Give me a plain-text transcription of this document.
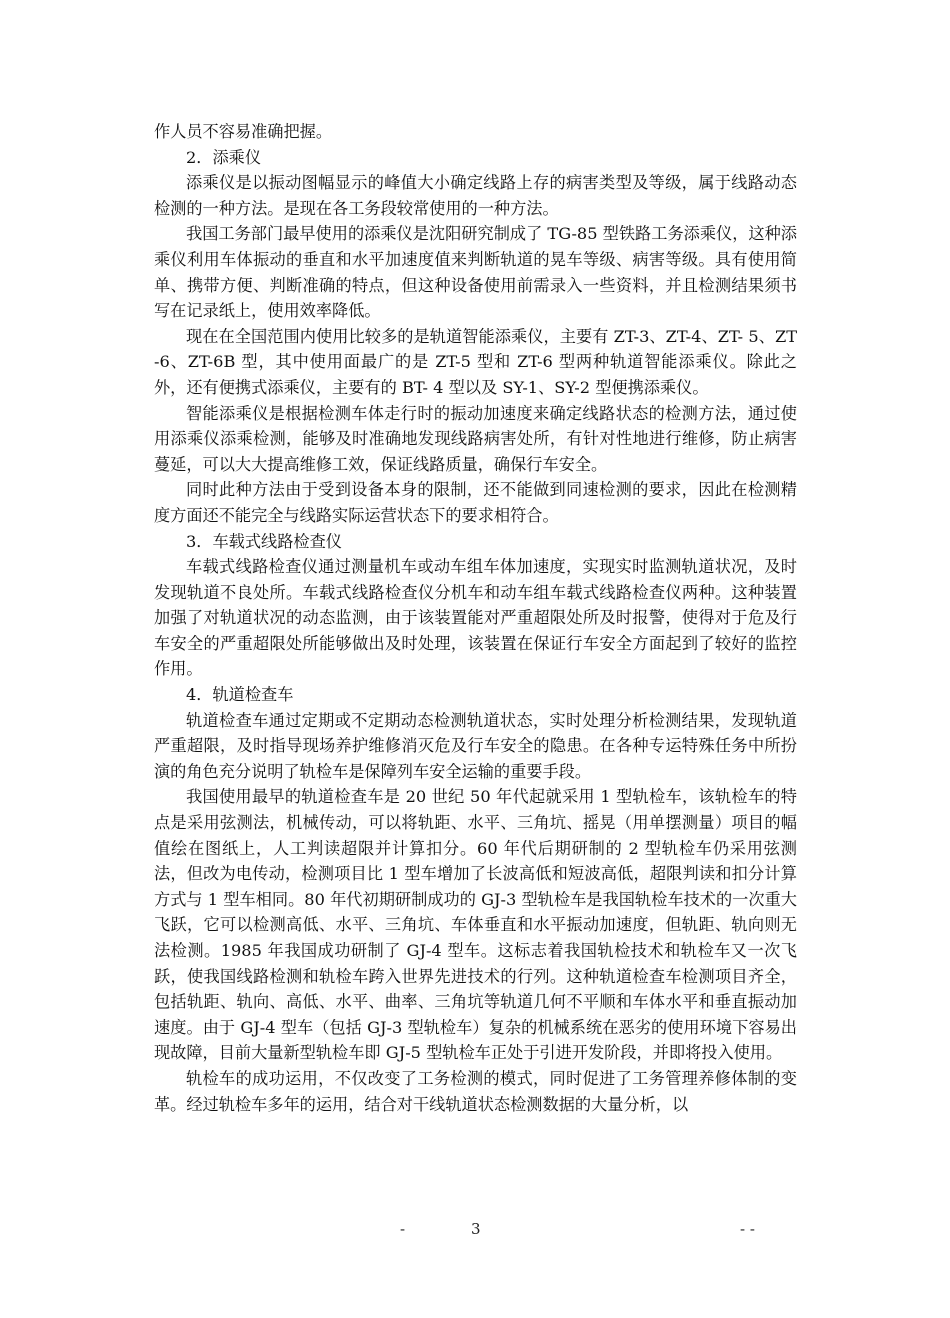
作人员不容易准确把握。

2．添乘仪

添乘仪是以振动图幅显示的峰值大小确定线路上存的病害类型及等级，属于线路动态检测的一种方法。是现在各工务段较常使用的一种方法。

我国工务部门最早使用的添乘仪是沈阳研究制成了 TG-85 型铁路工务添乘仪，这种添乘仪利用车体振动的垂直和水平加速度值来判断轨道的晃车等级、病害等级。具有使用简单、携带方便、判断准确的特点，但这种设备使用前需录入一些资料，并且检测结果须书写在记录纸上，使用效率降低。

现在在全国范围内使用比较多的是轨道智能添乘仪，主要有 ZT-3、ZT-4、ZT- 5、ZT-6、ZT-6B 型，其中使用面最广的是 ZT-5 型和 ZT-6 型两种轨道智能添乘仪。除此之外，还有便携式添乘仪，主要有的 BT- 4 型以及 SY-1、SY-2 型便携添乘仪。

智能添乘仪是根据检测车体走行时的振动加速度来确定线路状态的检测方法，通过使用添乘仪添乘检测，能够及时准确地发现线路病害处所，有针对性地进行维修，防止病害蔓延，可以大大提高维修工效，保证线路质量，确保行车安全。

同时此种方法由于受到设备本身的限制，还不能做到同速检测的要求，因此在检测精度方面还不能完全与线路实际运营状态下的要求相符合。

3．车载式线路检查仪

车载式线路检查仪通过测量机车或动车组车体加速度，实现实时监测轨道状况，及时发现轨道不良处所。车载式线路检查仪分机车和动车组车载式线路检查仪两种。这种装置加强了对轨道状况的动态监测，由于该装置能对严重超限处所及时报警，使得对于危及行车安全的严重超限处所能够做出及时处理，该装置在保证行车安全方面起到了较好的监控作用。

4．轨道检查车

轨道检查车通过定期或不定期动态检测轨道状态，实时处理分析检测结果，发现轨道严重超限，及时指导现场养护维修消灭危及行车安全的隐患。在各种专运特殊任务中所扮演的角色充分说明了轨检车是保障列车安全运输的重要手段。

我国使用最早的轨道检查车是 20 世纪 50 年代起就采用 1 型轨检车，该轨检车的特点是采用弦测法，机械传动，可以将轨距、水平、三角坑、摇晃（用单摆测量）项目的幅值绘在图纸上，人工判读超限并计算扣分。60 年代后期研制的 2 型轨检车仍采用弦测法，但改为电传动，检测项目比 1 型车增加了长波高低和短波高低，超限判读和扣分计算方式与 1 型车相同。80 年代初期研制成功的 GJ-3 型轨检车是我国轨检车技术的一次重大飞跃，它可以检测高低、水平、三角坑、车体垂直和水平振动加速度，但轨距、轨向则无法检测。1985 年我国成功研制了 GJ-4 型车。这标志着我国轨检技术和轨检车又一次飞跃，使我国线路检测和轨检车跨入世界先进技术的行列。这种轨道检查车检测项目齐全，包括轨距、轨向、高低、水平、曲率、三角坑等轨道几何不平顺和车体水平和垂直振动加速度。由于 GJ-4 型车（包括 GJ-3 型轨检车）复杂的机械系统在恶劣的使用环境下容易出现故障，目前大量新型轨检车即 GJ-5 型轨检车正处于引进开发阶段，并即将投入使用。

轨检车的成功运用，不仅改变了工务检测的模式，同时促进了工务管理养修体制的变革。经过轨检车多年的运用，结合对干线轨道状态检测数据的大量分析，以

-	3	- -
